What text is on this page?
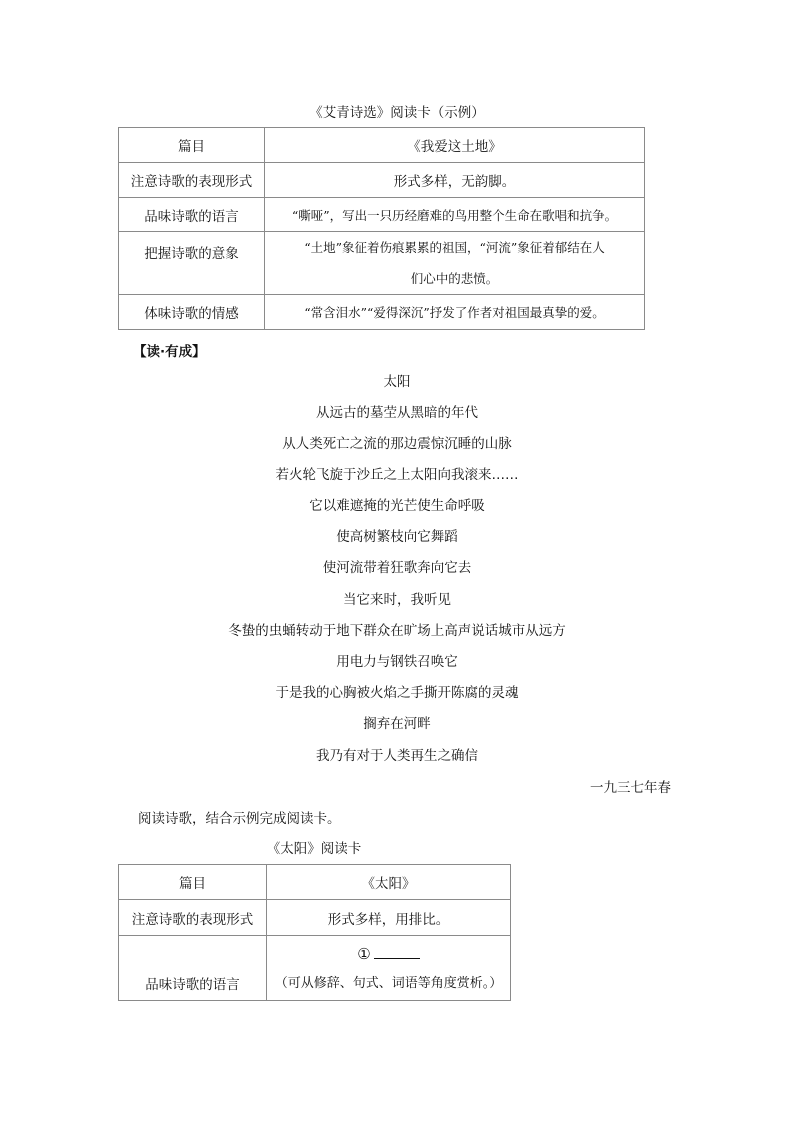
《艾青诗选》阅读卡（示例）
篇目	《我爱这土地》
注意诗歌的表现形式	形式多样，无韵脚。
品味诗歌的语言	“嘶哑”，写出一只历经磨难的鸟用整个生命在歌唱和抗争。
把握诗歌的意象	“土地”象征着伤痕累累的祖国，“河流”象征着郁结在人
们心中的悲愤。

体味诗歌的情感	“常含泪水”“爱得深沉”抒发了作者对祖国最真挚的爱。
【读·有成】
太阳
从远古的墓茔从黑暗的年代
从人类死亡之流的那边震惊沉睡的山脉
若火轮飞旋于沙丘之上太阳向我滚来……
它以难遮掩的光芒使生命呼吸
使高树繁枝向它舞蹈
使河流带着狂歌奔向它去
当它来时，我听见
冬蛰的虫蛹转动于地下群众在旷场上高声说话城市从远方
用电力与钢铁召唤它
于是我的心胸被火焰之手撕开陈腐的灵魂
搁弃在河畔
我乃有对于人类再生之确信
一九三七年春
阅读诗歌，结合示例完成阅读卡。
《太阳》阅读卡
篇目	《太阳》
注意诗歌的表现形式	形式多样，用排比。
品味诗歌的语言	①
（可从修辞、句式、词语等角度赏析。）
